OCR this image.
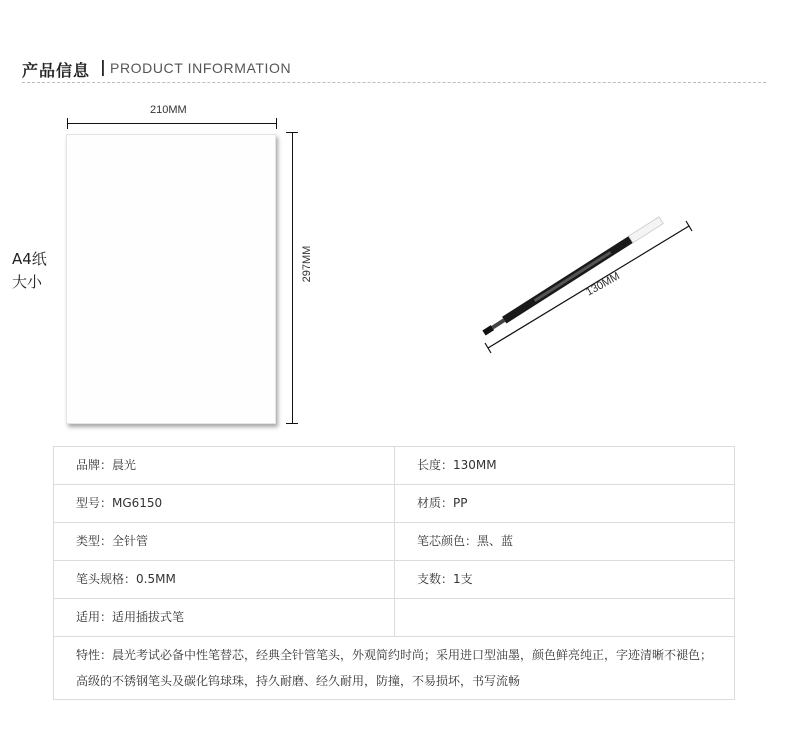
产品信息 | PRODUCT INFORMATION
210MM
297MM
A4纸
大小	130MM
品牌：晨光	长度：130MM
型号：MG6150	材质：PP
类型：全针管	笔芯颜色：黑、蓝
笔头规格：0.5MM	支数：1支
适用：适用插拔式笔
特性：晨光考试必备中性笔替芯，经典全针管笔头，外观简约时尚；采用进口型油墨，颜色鲜亮纯正，字迹清晰不褪色；
高级的不锈钢笔头及碳化钨球珠，持久耐磨、经久耐用，防撞，不易损坏，书写流畅
